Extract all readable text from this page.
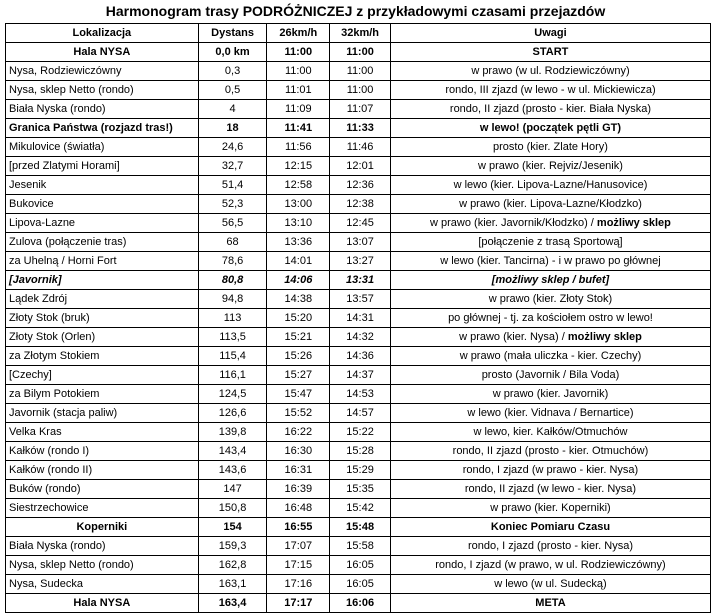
Harmonogram trasy PODRÓŻNICZEJ z przykładowymi czasami przejazdów
Lokalizacja	Dystans	26km/h	32km/h	Uwagi
Hala NYSA	0,0 km	11:00	11:00	START
Nysa, Rodziewiczówny	0,3	11:00	11:00	w prawo (w ul. Rodziewiczówny)
Nysa, sklep Netto (rondo)	0,5	11:01	11:00	rondo, III zjazd (w lewo - w ul. Mickiewicza)
Biała Nyska (rondo)	4	11:09	11:07	rondo, II zjazd (prosto - kier. Biała Nyska)
Granica Państwa (rozjazd tras!)	18	11:41	11:33	w lewo! (początek pętli GT)
Mikulovice (światła)	24,6	11:56	11:46	prosto (kier. Zlate Hory)
[przed Zlatymi Horami]	32,7	12:15	12:01	w prawo (kier. Rejviz/Jesenik)
Jesenik	51,4	12:58	12:36	w lewo (kier. Lipova-Lazne/Hanusovice)
Bukovice	52,3	13:00	12:38	w prawo (kier. Lipova-Lazne/Kłodzko)
Lipova-Lazne	56,5	13:10	12:45	w prawo (kier. Javornik/Kłodzko) / możliwy sklep
Zulova (połączenie tras)	68	13:36	13:07	[połączenie z trasą Sportową]
za Uhelną / Horni Fort	78,6	14:01	13:27	w lewo (kier. Tancirna) - i w prawo po głównej
[Javornik]	80,8	14:06	13:31	[możliwy sklep / bufet]
Lądek Zdrój	94,8	14:38	13:57	w prawo (kier. Złoty Stok)
Złoty Stok (bruk)	113	15:20	14:31	po głównej - tj. za kościołem ostro w lewo!
Złoty Stok (Orlen)	113,5	15:21	14:32	w prawo (kier. Nysa) / możliwy sklep
za Złotym Stokiem	115,4	15:26	14:36	w prawo (mała uliczka - kier. Czechy)
[Czechy]	116,1	15:27	14:37	prosto (Javornik / Bila Voda)
za Bilym Potokiem	124,5	15:47	14:53	w prawo (kier. Javornik)
Javornik (stacja paliw)	126,6	15:52	14:57	w lewo (kier. Vidnava / Bernartice)
Velka Kras	139,8	16:22	15:22	w lewo, kier. Kałków/Otmuchów
Kałków (rondo I)	143,4	16:30	15:28	rondo, II zjazd (prosto - kier. Otmuchów)
Kałków (rondo II)	143,6	16:31	15:29	rondo, I zjazd (w prawo - kier. Nysa)
Buków (rondo)	147	16:39	15:35	rondo, II zjazd (w lewo - kier. Nysa)
Siestrzechowice	150,8	16:48	15:42	w prawo (kier. Koperniki)
Koperniki	154	16:55	15:48	Koniec Pomiaru Czasu
Biała Nyska (rondo)	159,3	17:07	15:58	rondo, I zjazd (prosto - kier. Nysa)
Nysa, sklep Netto (rondo)	162,8	17:15	16:05	rondo, I zjazd (w prawo, w ul. Rodziewiczówny)
Nysa, Sudecka	163,1	17:16	16:05	w lewo (w ul. Sudecką)
Hala NYSA	163,4	17:17	16:06	META
